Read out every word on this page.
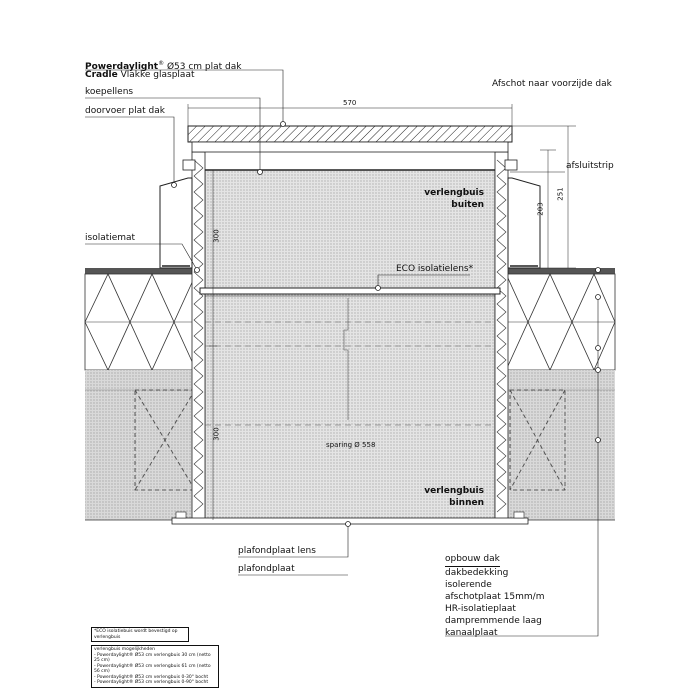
Powerdaylight® Ø53 cm plat dak
Cradle Vlakke glasplaat
koepellens
doorvoer plat dak
isolatiemat
Afschot naar voorzijde dak
afsluitstrip
ECO isolatielens*
sparing Ø 558
plafondplaat lens
plafondplaat
570
203
251
300
300
verlengbuis
buiten
verlengbuis
binnen
opbouw dak
dakbedekking
isolerende
afschotplaat 15mm/m
HR-isolatieplaat
dampremmende laag
kanaalplaat
*ECO isolatiebuis wordt bevestigd op verlengbuis
verlengbuis mogelijkheden
- Powerdaylight® Ø53 cm verlengbuis 30 cm (netto 25 cm)
- Powerdaylight® Ø53 cm verlengbuis 61 cm (netto 56 cm)
- Powerdaylight® Ø53 cm verlengbuis 0-30° bocht
- Powerdaylight® Ø53 cm verlengbuis 0-90° bocht
